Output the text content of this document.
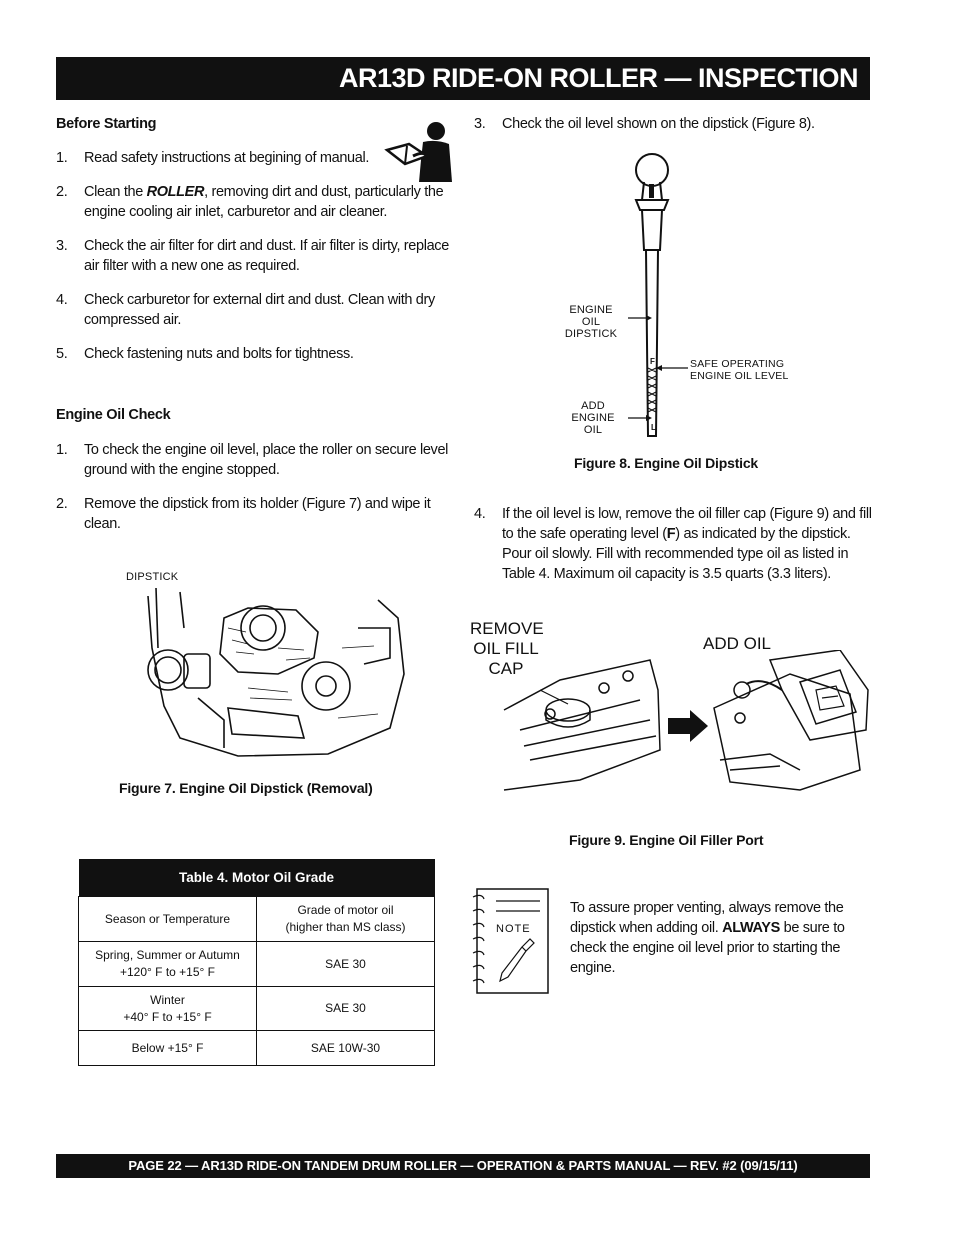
AR13D RIDE-ON ROLLER — INSPECTION
Before Starting
1. Read safety instructions at begining of manual.
2. Clean the ROLLER, removing dirt and dust, particularly the engine cooling air inlet, carburetor and air cleaner.
3. Check the air filter for dirt and dust. If air filter is dirty, replace air filter with a new one as required.
4. Check carburetor for external dirt and dust. Clean with dry compressed air.
5. Check fastening nuts and bolts for tightness.
Engine Oil Check
1. To check the engine oil level, place the roller on secure level ground with the engine stopped.
2. Remove the dipstick from its holder (Figure 7) and wipe it clean.
DIPSTICK
Figure 7. Engine Oil Dipstick (Removal)
Table 4. Motor Oil Grade	
Season or Temperature	Grade of motor oil
(higher than MS class)
Spring, Summer or Autumn
+120° F to +15° F	SAE 30
Winter
+40° F to +15° F	SAE 30
Below +15° F	SAE 10W-30
3. Check the oil level shown on the dipstick (Figure 8).
ENGINE OIL
DIPSTICK
F
L
SAFE OPERATING
ENGINE OIL LEVEL
ADD ENGINE
OIL
Figure 8. Engine Oil Dipstick
4. If the oil level is low, remove the oil filler cap (Figure 9) and fill to the safe operating level (F) as indicated by the dipstick. Pour oil slowly. Fill with recommended type oil as listed in Table 4. Maximum oil capacity is 3.5 quarts (3.3 liters).
REMOVE
OIL FILL
CAP
ADD OIL
Figure 9. Engine Oil Filler Port
NOTE
To assure proper venting, always remove the dipstick when adding oil. ALWAYS be sure to check the engine oil level prior to starting the engine.
PAGE 22 — AR13D RIDE-ON TANDEM DRUM ROLLER — OPERATION & PARTS MANUAL — REV. #2 (09/15/11)
